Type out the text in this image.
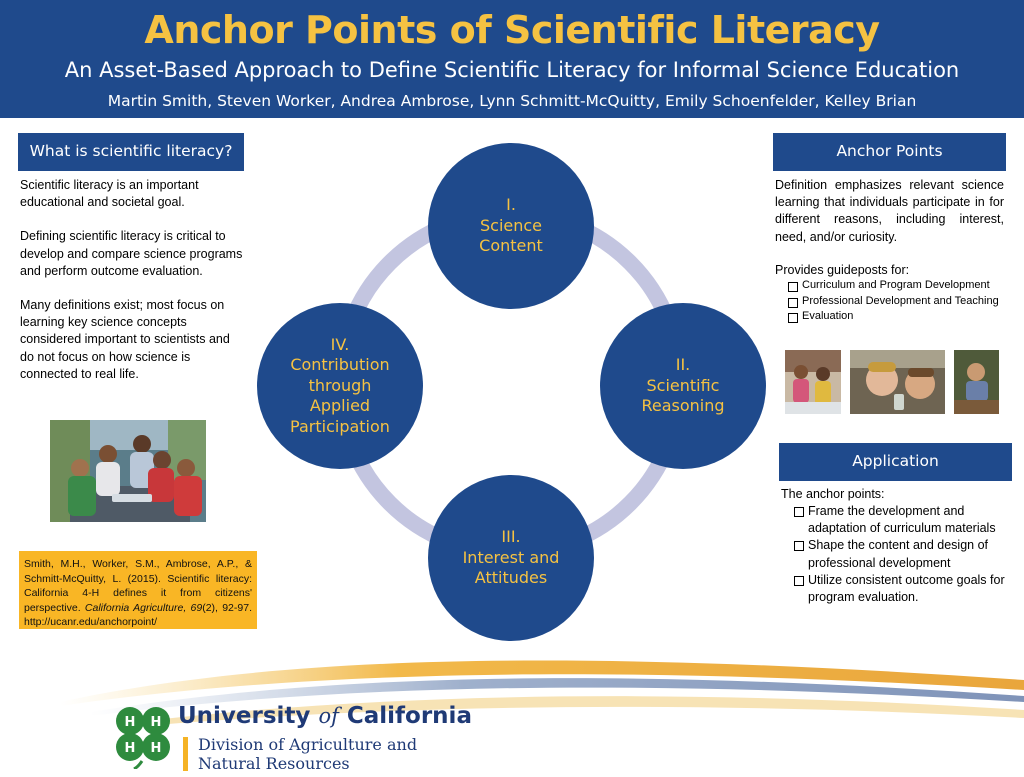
Anchor Points of Scientific Literacy
An Asset-Based Approach to Define Scientific Literacy for Informal Science Education
Martin Smith, Steven Worker, Andrea Ambrose, Lynn Schmitt-McQuitty, Emily Schoenfelder, Kelley Brian
What is scientific literacy?

Scientific literacy is an important educational and societal goal.

Defining scientific literacy is critical to develop and compare science programs and perform outcome evaluation.

Many definitions exist; most focus on learning key science concepts considered important to scientists and do not focus on how science is connected to real life.

Smith, M.H., Worker, S.M., Ambrose, A.P., & Schmitt-McQuitty, L. (2015). Scientific literacy: California 4-H defines it from citizens' perspective. California Agriculture, 69(2), 92-97. http://ucanr.edu/anchorpoint/
I.
Science
Content
II.
Scientific
Reasoning
III.
Interest and
Attitudes
IV.
Contribution
through
Applied
Participation
Anchor Points
Definition emphasizes relevant science learning that individuals participate in for different reasons, including interest, need, and/or curiosity.
Provides guideposts for:
Curriculum and Program Development
Professional Development and Teaching
Evaluation
Application
The anchor points:
Frame the development and adaptation of curriculum materials
Shape the content and design of professional development
Utilize consistent outcome goals for program evaluation.
H H
H H
University of California
Division of Agriculture and
Natural Resources
